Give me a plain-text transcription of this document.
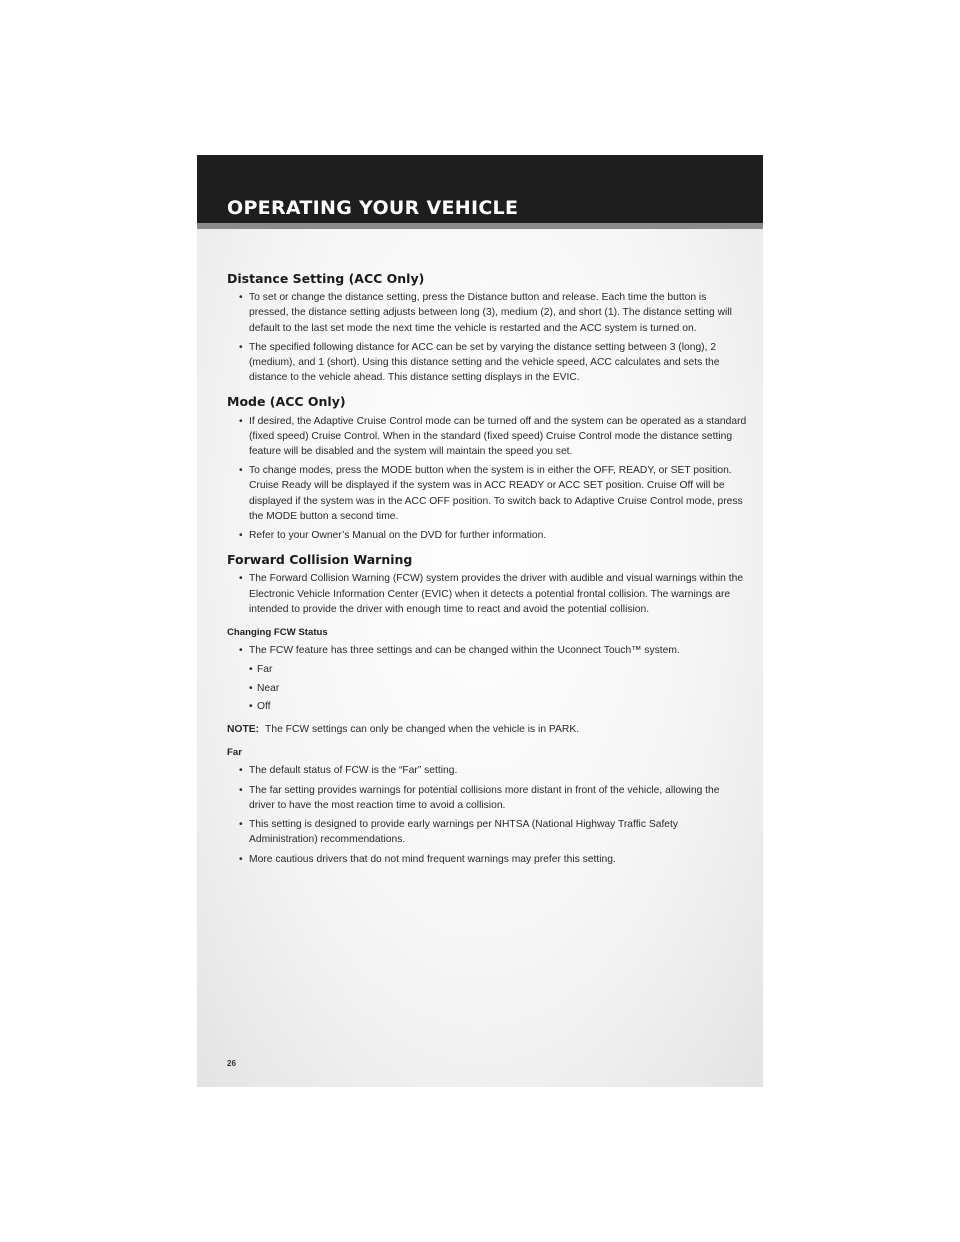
OPERATING YOUR VEHICLE
Distance Setting (ACC Only)
• To set or change the distance setting, press the Distance button and release. Each time the button is pressed, the distance setting adjusts between long (3), medium (2), and short (1). The distance setting will default to the last set mode the next time the vehicle is restarted and the ACC system is turned on.
• The specified following distance for ACC can be set by varying the distance setting between 3 (long), 2 (medium), and 1 (short). Using this distance setting and the vehicle speed, ACC calculates and sets the distance to the vehicle ahead. This distance setting displays in the EVIC.
Mode (ACC Only)
• If desired, the Adaptive Cruise Control mode can be turned off and the system can be operated as a standard (fixed speed) Cruise Control. When in the standard (fixed speed) Cruise Control mode the distance setting feature will be disabled and the system will maintain the speed you set.
• To change modes, press the MODE button when the system is in either the OFF, READY, or SET position. Cruise Ready will be displayed if the system was in ACC READY or ACC SET position. Cruise Off will be displayed if the system was in the ACC OFF position. To switch back to Adaptive Cruise Control mode, press the MODE button a second time.
• Refer to your Owner’s Manual on the DVD for further information.
Forward Collision Warning
• The Forward Collision Warning (FCW) system provides the driver with audible and visual warnings within the Electronic Vehicle Information Center (EVIC) when it detects a potential frontal collision. The warnings are intended to provide the driver with enough time to react and avoid the potential collision.
Changing FCW Status
• The FCW feature has three settings and can be changed within the Uconnect Touch™ system.
• Far
• Near
• Off
NOTE: The FCW settings can only be changed when the vehicle is in PARK.
Far
• The default status of FCW is the “Far” setting.
• The far setting provides warnings for potential collisions more distant in front of the vehicle, allowing the driver to have the most reaction time to avoid a collision.
• This setting is designed to provide early warnings per NHTSA (National Highway Traffic Safety Administration) recommendations.
• More cautious drivers that do not mind frequent warnings may prefer this setting.
26
